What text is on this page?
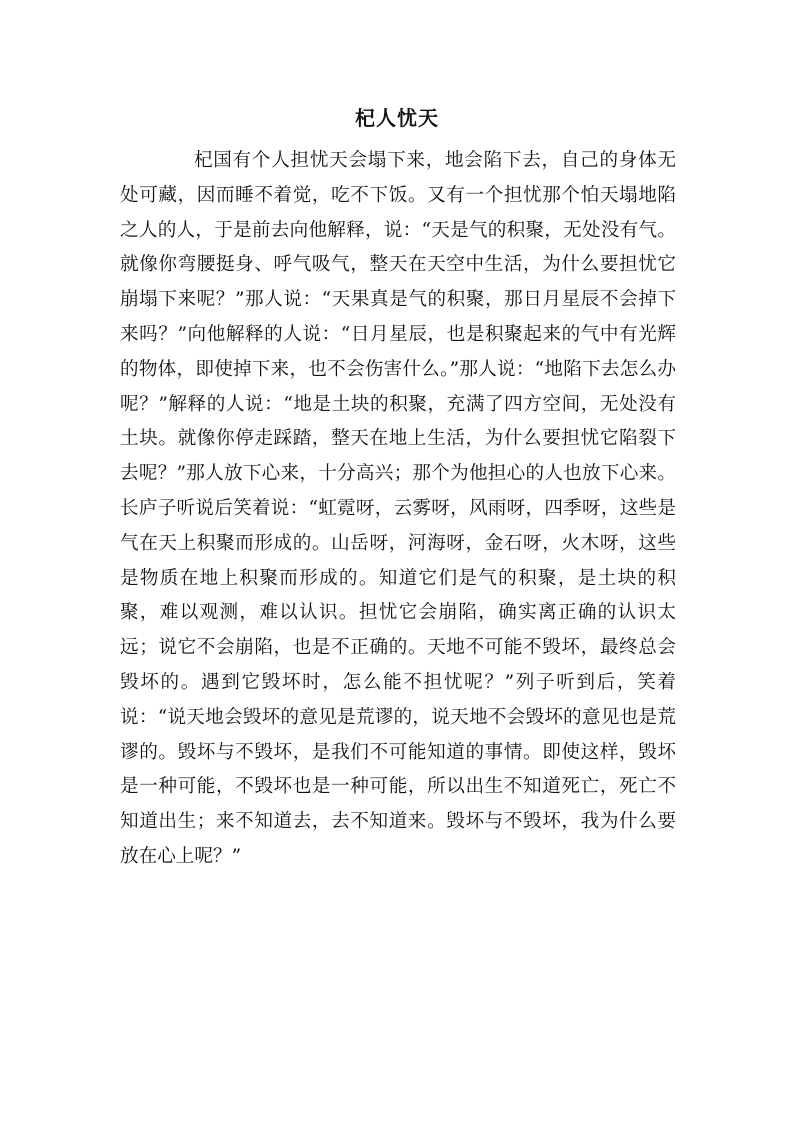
杞人忧天

杞国有个人担忧天会塌下来，地会陷下去，自己的身体无处可藏，因而睡不着觉，吃不下饭。又有一个担忧那个怕天塌地陷之人的人，于是前去向他解释，说：“天是气的积聚，无处没有气。就像你弯腰挺身、呼气吸气，整天在天空中生活，为什么要担忧它崩塌下来呢？”那人说：“天果真是气的积聚，那日月星辰不会掉下来吗？”向他解释的人说：“日月星辰，也是积聚起来的气中有光辉的物体，即使掉下来，也不会伤害什么。”那人说：“地陷下去怎么办呢？”解释的人说：“地是土块的积聚，充满了四方空间，无处没有土块。就像你停走踩踏，整天在地上生活，为什么要担忧它陷裂下去呢？”那人放下心来，十分高兴；那个为他担心的人也放下心来。长庐子听说后笑着说：“虹霓呀，云雾呀，风雨呀，四季呀，这些是气在天上积聚而形成的。山岳呀，河海呀，金石呀，火木呀，这些是物质在地上积聚而形成的。知道它们是气的积聚，是土块的积聚，难以观测，难以认识。担忧它会崩陷，确实离正确的认识太远；说它不会崩陷，也是不正确的。天地不可能不毁坏，最终总会毁坏的。遇到它毁坏时，怎么能不担忧呢？”列子听到后，笑着说：“说天地会毁坏的意见是荒谬的，说天地不会毁坏的意见也是荒谬的。毁坏与不毁坏，是我们不可能知道的事情。即使这样，毁坏是一种可能，不毁坏也是一种可能，所以出生不知道死亡，死亡不知道出生；来不知道去，去不知道来。毁坏与不毁坏，我为什么要放在心上呢？”
